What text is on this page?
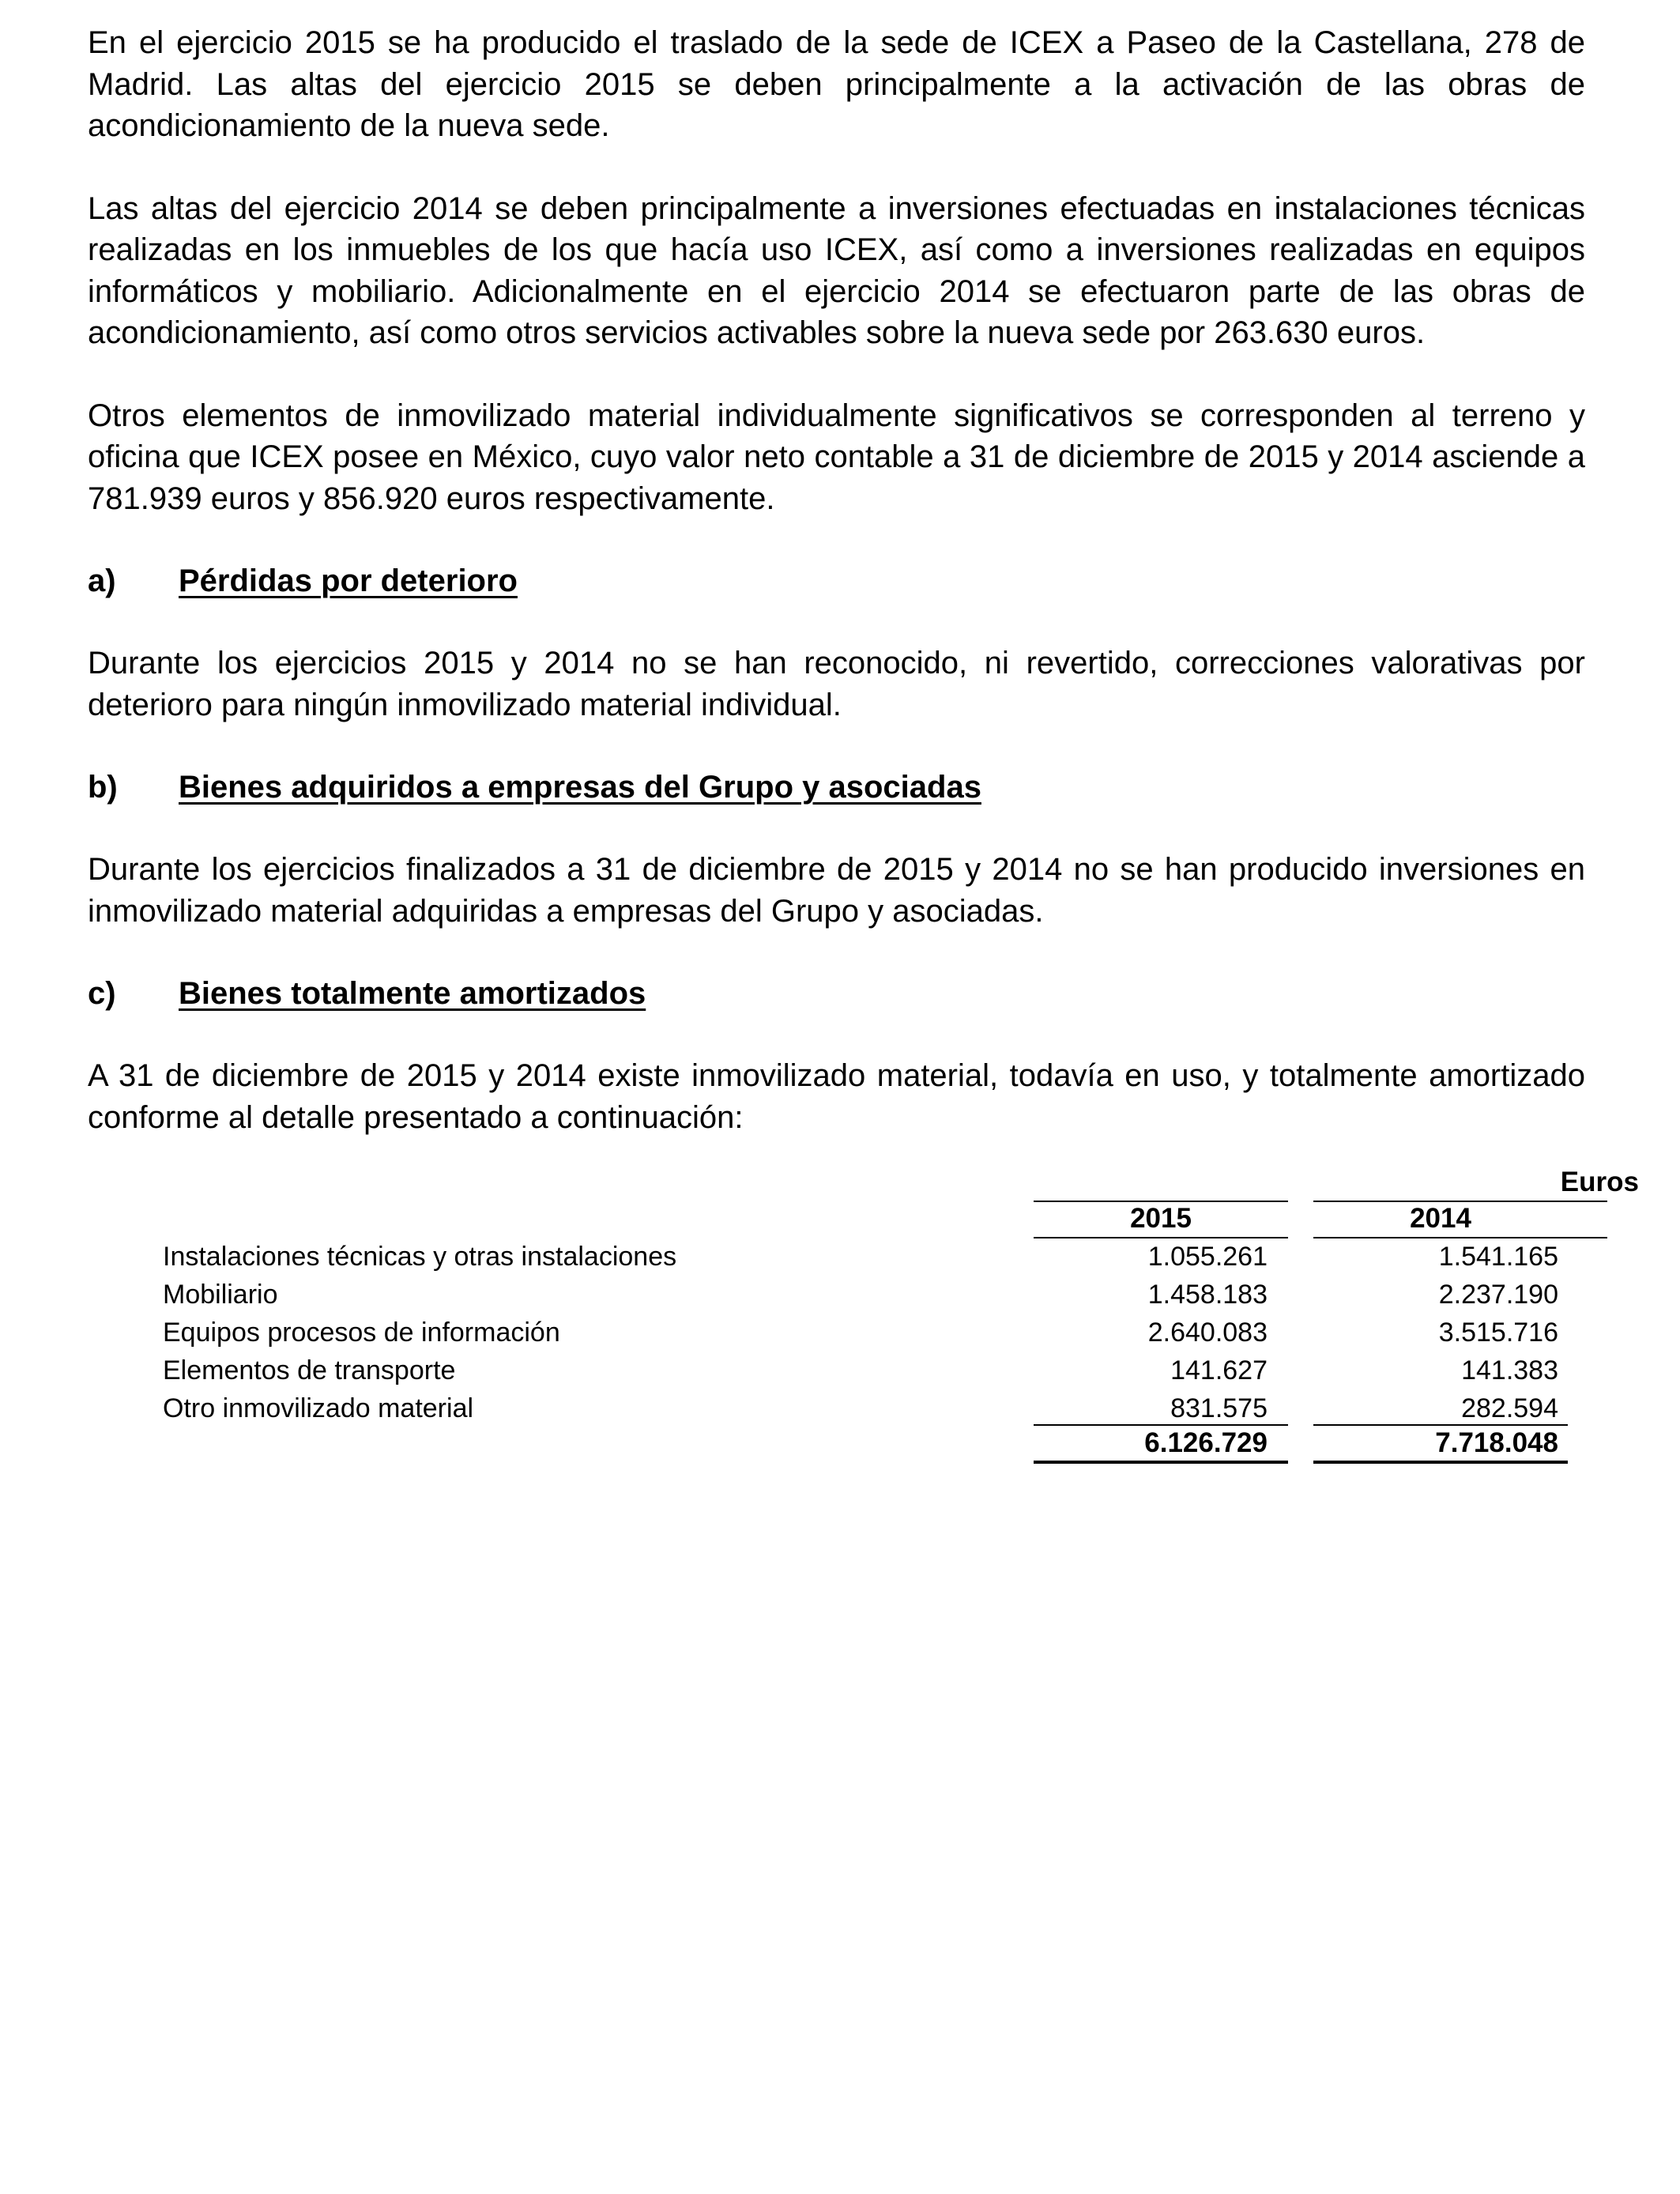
En el ejercicio 2015 se ha producido el traslado de la sede de ICEX a Paseo de la Castellana, 278 de Madrid. Las altas del ejercicio 2015 se deben principalmente a la activación de las obras de acondicionamiento de la nueva sede.

Las altas del ejercicio 2014 se deben principalmente a inversiones efectuadas en instalaciones técnicas realizadas en los inmuebles de los que hacía uso ICEX, así como a inversiones realizadas en equipos informáticos y mobiliario. Adicionalmente en el ejercicio 2014 se efectuaron parte de las obras de acondicionamiento, así como otros servicios activables sobre la nueva sede por 263.630 euros.

Otros elementos de inmovilizado material individualmente significativos se corresponden al terreno y oficina que ICEX posee en México, cuyo valor neto contable a 31 de diciembre de 2015 y 2014 asciende a 781.939 euros y 856.920 euros respectivamente.

a)	Pérdidas por deterioro

Durante los ejercicios 2015 y 2014 no se han reconocido, ni revertido, correcciones valorativas por deterioro para ningún inmovilizado material individual.

b)	Bienes adquiridos a empresas del Grupo y asociadas

Durante los ejercicios finalizados a 31 de diciembre de 2015 y 2014 no se han producido inversiones en inmovilizado material adquiridas a empresas del Grupo y asociadas.

c)	Bienes totalmente amortizados

A 31 de diciembre de 2015 y 2014 existe inmovilizado material, todavía en uso, y totalmente amortizado conforme al detalle presentado a continuación:

Euros
2015	2014
Instalaciones técnicas y otras instalaciones	1.055.261	1.541.165
Mobiliario	1.458.183	2.237.190
Equipos procesos de información	2.640.083	3.515.716
Elementos de transporte	141.627	141.383
Otro inmovilizado material	831.575	282.594
6.126.729	7.718.048
